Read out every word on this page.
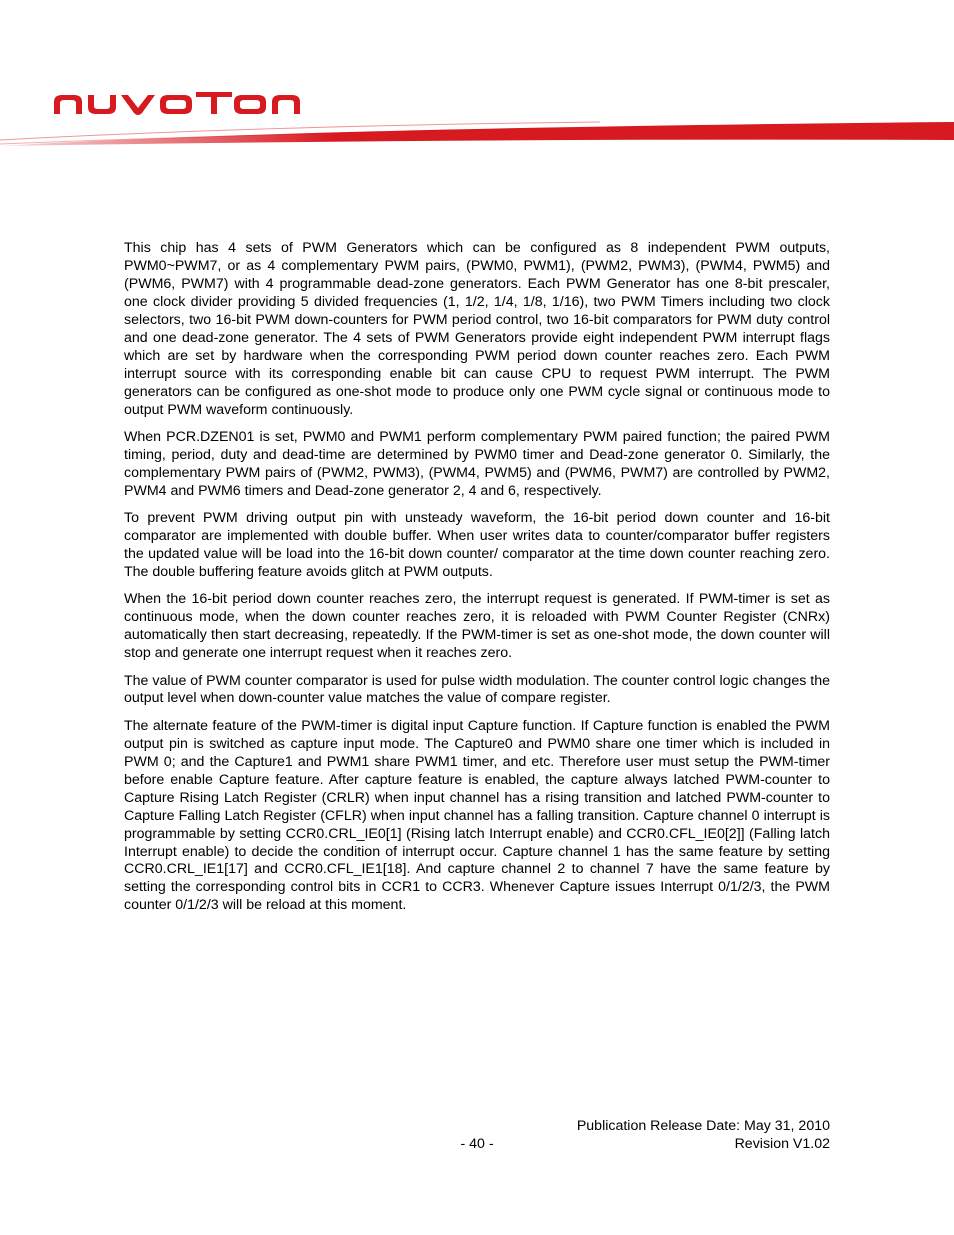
This chip has 4 sets of PWM Generators which can be configured as 8 independent PWM outputs, PWM0~PWM7, or as 4 complementary PWM pairs, (PWM0, PWM1), (PWM2, PWM3), (PWM4, PWM5) and (PWM6, PWM7) with 4 programmable dead-zone generators. Each PWM Generator has one 8-bit prescaler, one clock divider providing 5 divided frequencies (1, 1/2, 1/4, 1/8, 1/16), two PWM Timers including two clock selectors, two 16-bit PWM down-counters for PWM period control, two 16-bit comparators for PWM duty control and one dead-zone generator. The 4 sets of PWM Generators provide eight independent PWM interrupt flags which are set by hardware when the corresponding PWM period down counter reaches zero. Each PWM interrupt source with its corresponding enable bit can cause CPU to request PWM interrupt. The PWM generators can be configured as one-shot mode to produce only one PWM cycle signal or continuous mode to output PWM waveform continuously.

When PCR.DZEN01 is set, PWM0 and PWM1 perform complementary PWM paired function; the paired PWM timing, period, duty and dead-time are determined by PWM0 timer and Dead-zone generator 0. Similarly, the complementary PWM pairs of (PWM2, PWM3), (PWM4, PWM5) and (PWM6, PWM7) are controlled by PWM2, PWM4 and PWM6 timers and Dead-zone generator 2, 4 and 6, respectively.

To prevent PWM driving output pin with unsteady waveform, the 16-bit period down counter and 16-bit comparator are implemented with double buffer. When user writes data to counter/comparator buffer registers the updated value will be load into the 16-bit down counter/ comparator at the time down counter reaching zero. The double buffering feature avoids glitch at PWM outputs.

When the 16-bit period down counter reaches zero, the interrupt request is generated. If PWM-timer is set as continuous mode, when the down counter reaches zero, it is reloaded with PWM Counter Register (CNRx) automatically then start decreasing, repeatedly. If the PWM-timer is set as one-shot mode, the down counter will stop and generate one interrupt request when it reaches zero.

The value of PWM counter comparator is used for pulse width modulation. The counter control logic changes the output level when down-counter value matches the value of compare register.

The alternate feature of the PWM-timer is digital input Capture function. If Capture function is enabled the PWM output pin is switched as capture input mode. The Capture0 and PWM0 share one timer which is included in PWM 0; and the Capture1 and PWM1 share PWM1 timer, and etc. Therefore user must setup the PWM-timer before enable Capture feature. After capture feature is enabled, the capture always latched PWM-counter to Capture Rising Latch Register (CRLR) when input channel has a rising transition and latched PWM-counter to Capture Falling Latch Register (CFLR) when input channel has a falling transition. Capture channel 0 interrupt is programmable by setting CCR0.CRL_IE0[1] (Rising latch Interrupt enable) and CCR0.CFL_IE0[2]] (Falling latch Interrupt enable) to decide the condition of interrupt occur. Capture channel 1 has the same feature by setting CCR0.CRL_IE1[17] and CCR0.CFL_IE1[18]. And capture channel 2 to channel 7 have the same feature by setting the corresponding control bits in CCR1 to CCR3. Whenever Capture issues Interrupt 0/1/2/3, the PWM counter 0/1/2/3 will be reload at this moment.

Publication Release Date: May 31, 2010
- 40 -	Revision V1.02
